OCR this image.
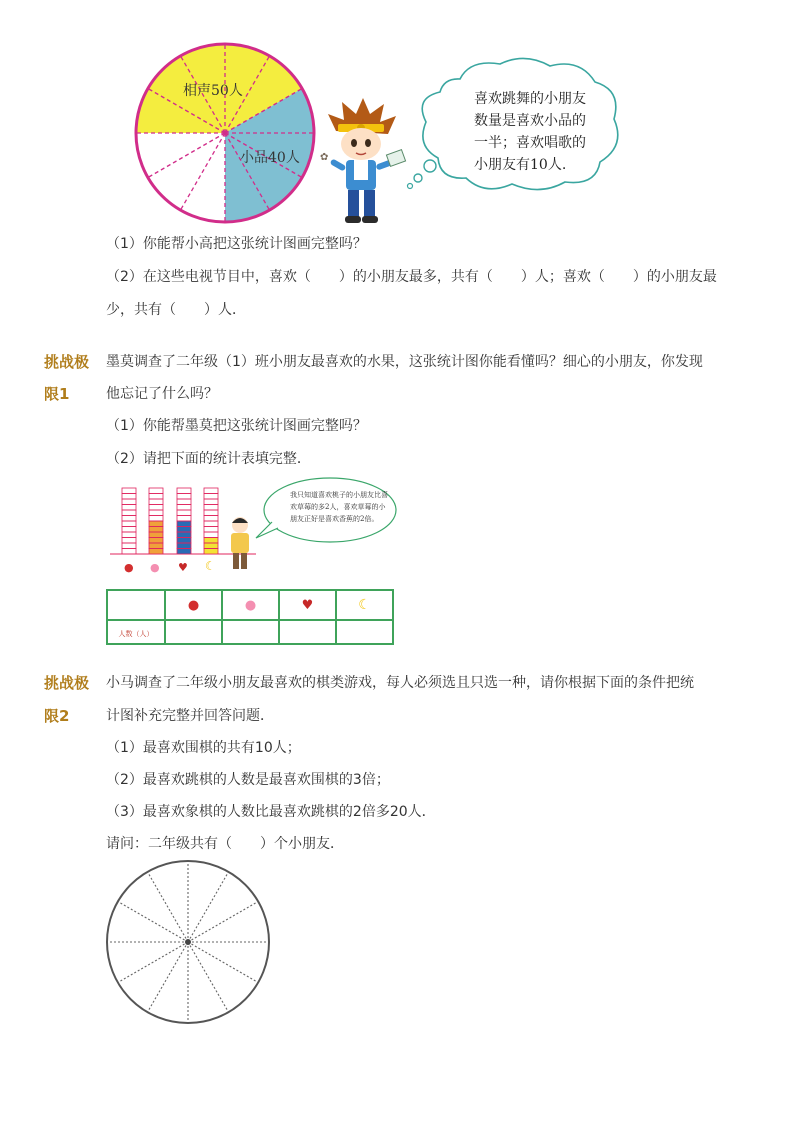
相声50人
小品40人 ✿
喜欢跳舞的小朋友
数量是喜欢小品的
一半；喜欢唱歌的
小朋友有10人.
（1）你能帮小高把这张统计图画完整吗？
（2）在这些电视节目中，喜欢（　　）的小朋友最多，共有（　　）人；喜欢（　　）的小朋友最
少，共有（　　）人．
挑战极
限1
墨莫调查了二年级（1）班小朋友最喜欢的水果，这张统计图你能看懂吗？细心的小朋友，你发现
他忘记了什么吗？
（1）你能帮墨莫把这张统计图画完整吗？
（2）请把下面的统计表填完整．
● ● ♥ ☾
我只知道喜欢桃子的小朋友比喜欢草莓的多2人，喜欢草莓的小朋友正好是喜欢香蕉的2倍。
	●	●	♥	☾
人数（人）				
挑战极
限2
小马调查了二年级小朋友最喜欢的棋类游戏，每人必须选且只选一种，请你根据下面的条件把统
计图补充完整并回答问题．
（1）最喜欢围棋的共有10人；
（2）最喜欢跳棋的人数是最喜欢围棋的3倍；
（3）最喜欢象棋的人数比最喜欢跳棋的2倍多20人．
请问：二年级共有（　　）个小朋友．
